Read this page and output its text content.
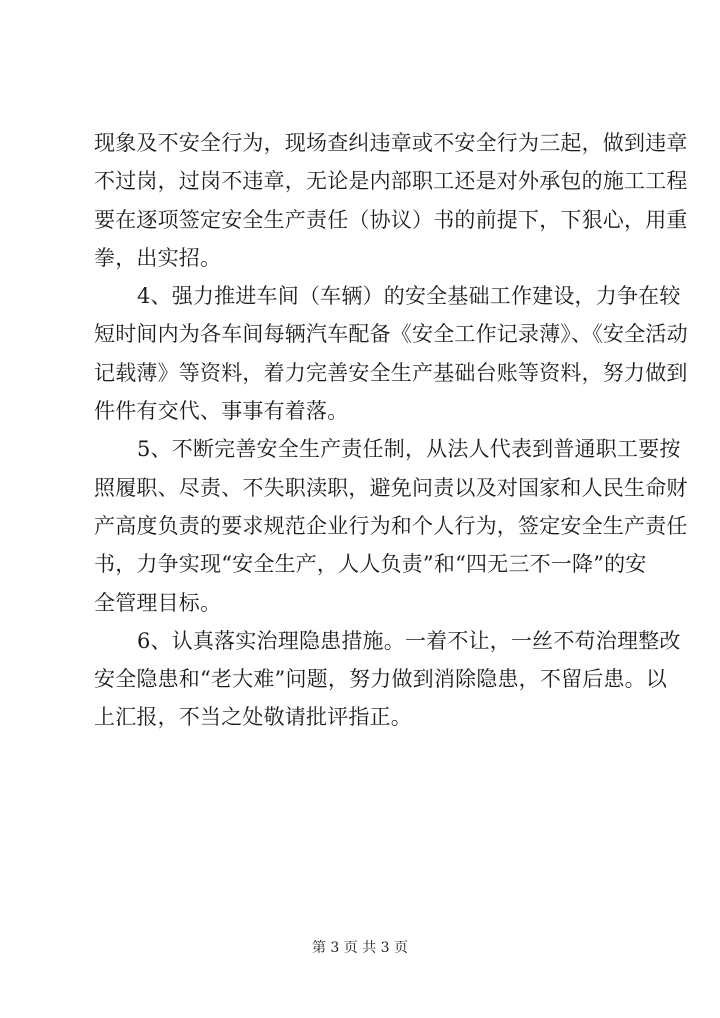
现象及不安全行为，现场查纠违章或不安全行为三起，做到违章
不过岗，过岗不违章，无论是内部职工还是对外承包的施工工程
要在逐项签定安全生产责任（协议）书的前提下，下狠心，用重
拳，出实招。
4、强力推进车间（车辆）的安全基础工作建设，力争在较
短时间内为各车间每辆汽车配备《安全工作记录薄》、《安全活动
记载薄》等资料，着力完善安全生产基础台账等资料，努力做到
件件有交代、事事有着落。
5、不断完善安全生产责任制，从法人代表到普通职工要按
照履职、尽责、不失职渎职，避免问责以及对国家和人民生命财
产高度负责的要求规范企业行为和个人行为，签定安全生产责任
书，力争实现“安全生产，人人负责”和“四无三不一降”的安
全管理目标。
6、认真落实治理隐患措施。一着不让，一丝不苟治理整改
安全隐患和“老大难”问题，努力做到消除隐患，不留后患。以
上汇报，不当之处敬请批评指正。
第 3 页 共 3 页
